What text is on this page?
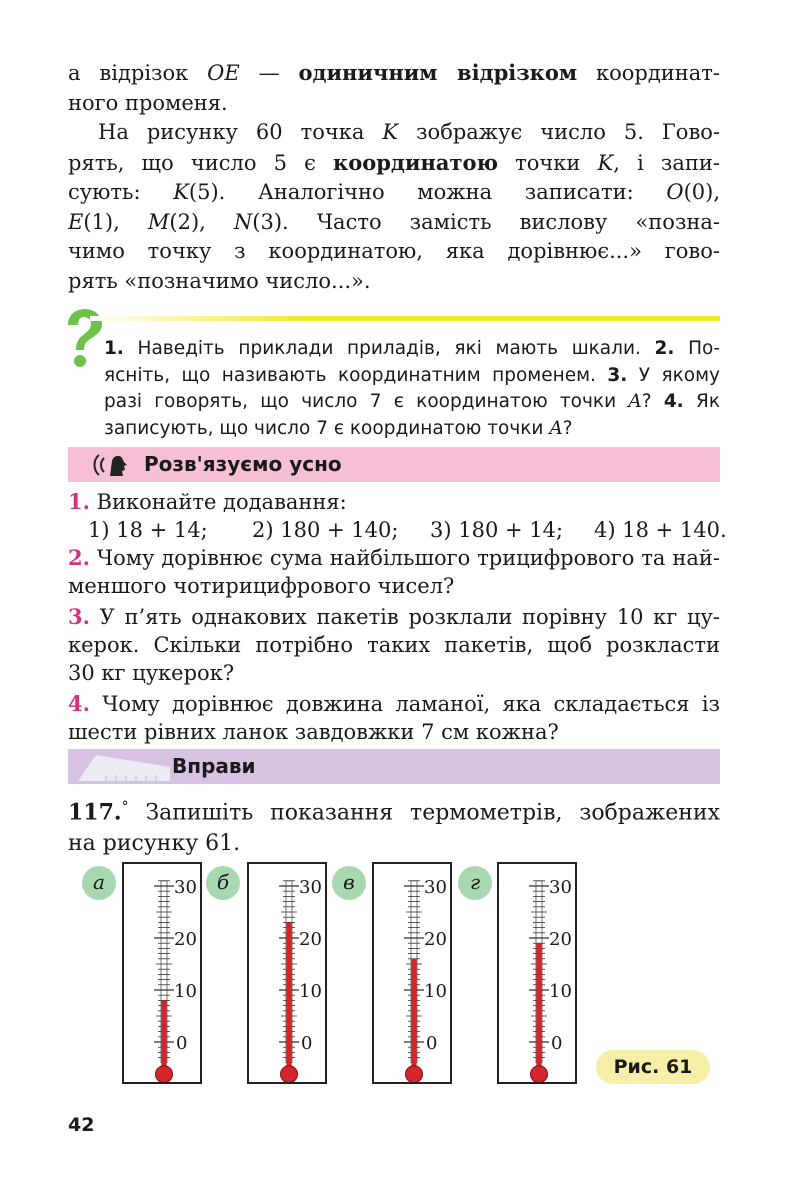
а відрізок OE — одиничним відрізком координат-
ного променя.
На рисунку 60 точка K зображує число 5. Гово-
рять, що число 5 є координатою точки K, і запи-
сують: K(5). Аналогічно можна записати: O(0),
E(1), M(2), N(3). Часто замість вислову «позна-
чимо точку з координатою, яка дорівнює...» гово-
рять «позначимо число...».
1. Наведіть приклади приладів, які мають шкали. 2. По-
ясніть, що називають координатним променем. 3. У якому
разі говорять, що число 7 є координатою точки A? 4. Як
записують, що число 7 є координатою точки A?
Розв'язуємо усно
1. Виконайте додавання:
1) 18 + 14; 2) 180 + 140; 3) 180 + 14; 4) 18 + 140.
2. Чому дорівнює сума найбільшого трицифрового та най-
меншого чотирицифрового чисел?
3. У п’ять однакових пакетів розклали порівну 10 кг цу-
керок. Скільки потрібно таких пакетів, щоб розкласти
30 кг цукерок?
4. Чому дорівнює довжина ламаної, яка складається із
шести рівних ланок завдовжки 7 см кожна?
Вправи
117.° Запишіть показання термометрів, зображених
на рисунку 61.
а	30
20
10
0
б	30
20
10
0
в	30
20
10
0
г	30
20
10
0
Рис. 61
42
